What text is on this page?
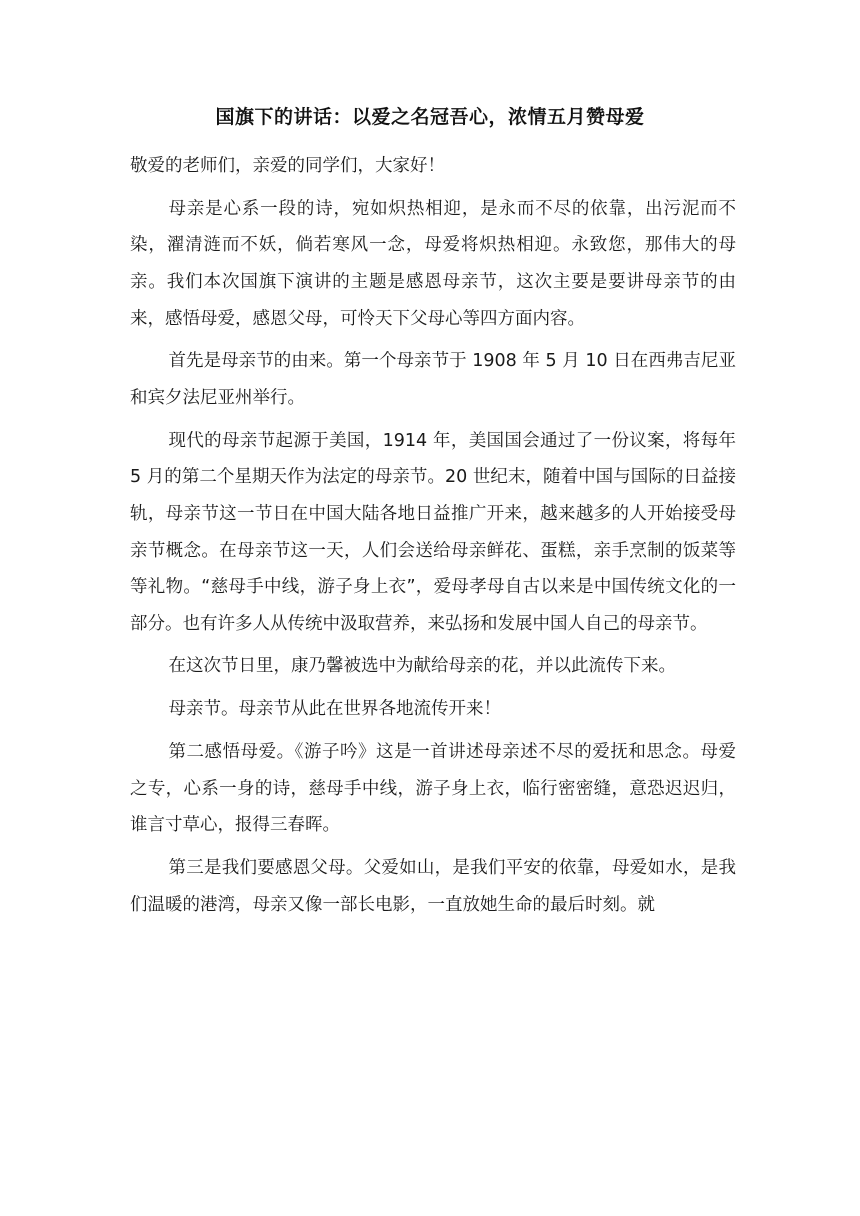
国旗下的讲话：以爱之名冠吾心，浓情五月赞母爱

敬爱的老师们，亲爱的同学们，大家好！

母亲是心系一段的诗，宛如炽热相迎，是永而不尽的依靠，出污泥而不染，濯清涟而不妖，倘若寒风一念，母爱将炽热相迎。永致您，那伟大的母亲。我们本次国旗下演讲的主题是感恩母亲节，这次主要是要讲母亲节的由来，感悟母爱，感恩父母，可怜天下父母心等四方面内容。

首先是母亲节的由来。第一个母亲节于 1908 年 5 月 10 日在西弗吉尼亚和宾夕法尼亚州举行。

现代的母亲节起源于美国，1914 年，美国国会通过了一份议案，将每年 5 月的第二个星期天作为法定的母亲节。20 世纪末，随着中国与国际的日益接轨，母亲节这一节日在中国大陆各地日益推广开来，越来越多的人开始接受母亲节概念。在母亲节这一天，人们会送给母亲鲜花、蛋糕，亲手烹制的饭菜等等礼物。“慈母手中线，游子身上衣”，爱母孝母自古以来是中国传统文化的一部分。也有许多人从传统中汲取营养，来弘扬和发展中国人自己的母亲节。

在这次节日里，康乃馨被选中为献给母亲的花，并以此流传下来。

母亲节。母亲节从此在世界各地流传开来！

第二感悟母爱。《游子吟》这是一首讲述母亲述不尽的爱抚和思念。母爱之专，心系一身的诗，慈母手中线，游子身上衣，临行密密缝，意恐迟迟归，谁言寸草心，报得三春晖。

第三是我们要感恩父母。父爱如山，是我们平安的依靠，母爱如水，是我们温暖的港湾，母亲又像一部长电影，一直放她生命的最后时刻。就
